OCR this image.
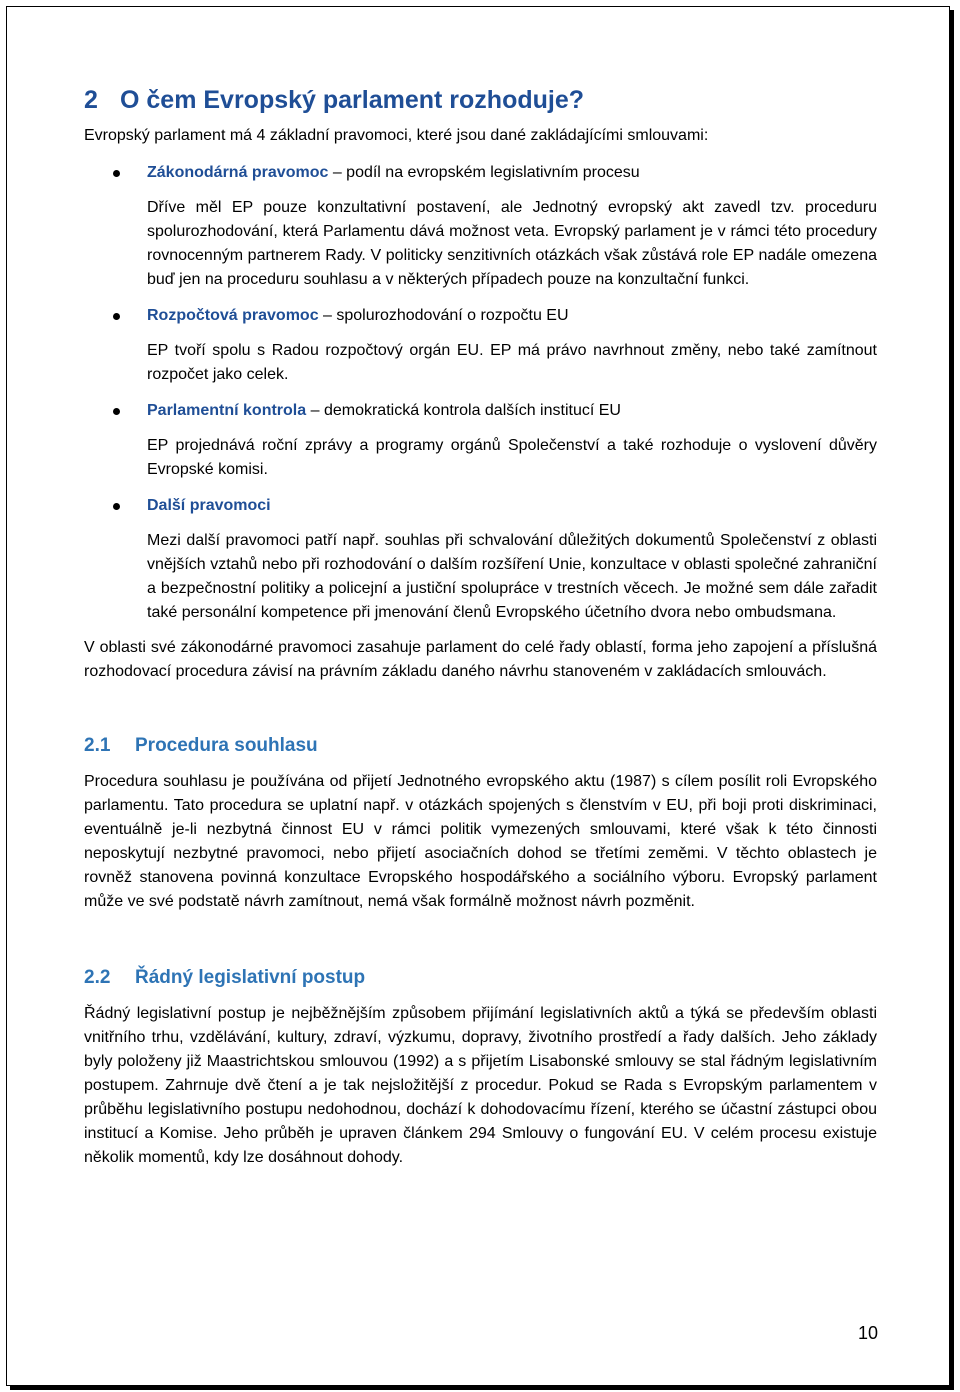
2 O čem Evropský parlament rozhoduje?

Evropský parlament má 4 základní pravomoci, které jsou dané zakládajícími smlouvami:

Zákonodárná pravomoc – podíl na evropském legislativním procesu

Dříve měl EP pouze konzultativní postavení, ale Jednotný evropský akt zavedl tzv. proceduru spolurozhodování, která Parlamentu dává možnost veta. Evropský parlament je v rámci této procedury rovnocenným partnerem Rady. V politicky senzitivních otázkách však zůstává role EP nadále omezena buď jen na proceduru souhlasu a v některých případech pouze na konzultační funkci.

Rozpočtová pravomoc – spolurozhodování o rozpočtu EU

EP tvoří spolu s Radou rozpočtový orgán EU. EP má právo navrhnout změny, nebo také zamítnout rozpočet jako celek.

Parlamentní kontrola – demokratická kontrola dalších institucí EU

EP projednává roční zprávy a programy orgánů Společenství a také rozhoduje o vyslovení důvěry Evropské komisi.

Další pravomoci

Mezi další pravomoci patří např. souhlas při schvalování důležitých dokumentů Společenství z oblasti vnějších vztahů nebo při rozhodování o dalším rozšíření Unie, konzultace v oblasti společné zahraniční a bezpečnostní politiky a policejní a justiční spolupráce v trestních věcech. Je možné sem dále zařadit také personální kompetence při jmenování členů Evropského účetního dvora nebo ombudsmana.

V oblasti své zákonodárné pravomoci zasahuje parlament do celé řady oblastí, forma jeho zapojení a příslušná rozhodovací procedura závisí na právním základu daného návrhu stanoveném v zakládacích smlouvách.

2.1 Procedura souhlasu

Procedura souhlasu je používána od přijetí Jednotného evropského aktu (1987) s cílem posílit roli Evropského parlamentu. Tato procedura se uplatní např. v otázkách spojených s členstvím v EU, při boji proti diskriminaci, eventuálně je-li nezbytná činnost EU v rámci politik vymezených smlouvami, které však k této činnosti neposkytují nezbytné pravomoci, nebo přijetí asociačních dohod se třetími zeměmi. V těchto oblastech je rovněž stanovena povinná konzultace Evropského hospodářského a sociálního výboru. Evropský parlament může ve své podstatě návrh zamítnout, nemá však formálně možnost návrh pozměnit.

2.2 Řádný legislativní postup

Řádný legislativní postup je nejběžnějším způsobem přijímání legislativních aktů a týká se především oblasti vnitřního trhu, vzdělávání, kultury, zdraví, výzkumu, dopravy, životního prostředí a řady dalších. Jeho základy byly položeny již Maastrichtskou smlouvou (1992) a s přijetím Lisabonské smlouvy se stal řádným legislativním postupem. Zahrnuje dvě čtení a je tak nejsložitější z procedur. Pokud se Rada s Evropským parlamentem v průběhu legislativního postupu nedohodnou, dochází k dohodovacímu řízení, kterého se účastní zástupci obou institucí a Komise. Jeho průběh je upraven článkem 294 Smlouvy o fungování EU. V celém procesu existuje několik momentů, kdy lze dosáhnout dohody.

10
